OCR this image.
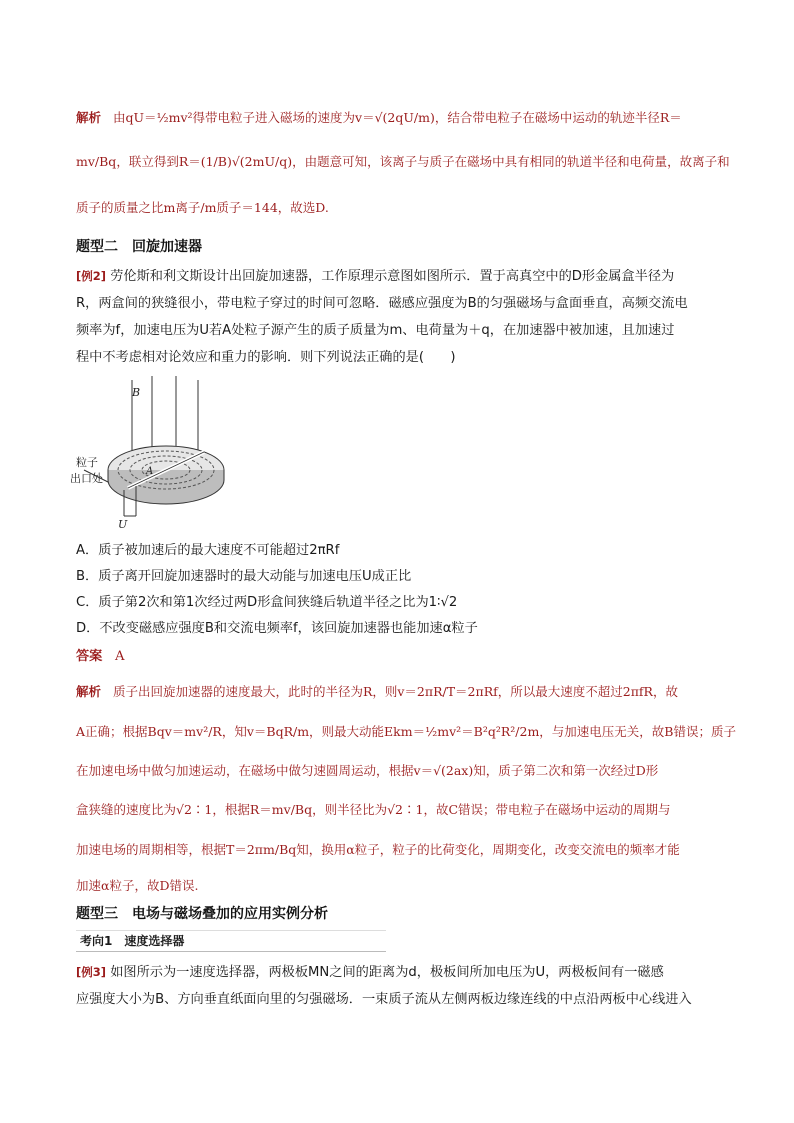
解析 由qU＝½mv²得带电粒子进入磁场的速度为v＝√(2qU/m)，结合带电粒子在磁场中运动的轨迹半径R＝
mv/Bq，联立得到R＝(1/B)√(2mU/q)，由题意可知，该离子与质子在磁场中具有相同的轨道半径和电荷量，故离子和
质子的质量之比m离子/m质子＝144，故选D.
题型二　回旋加速器
[例2] 劳伦斯和利文斯设计出回旋加速器，工作原理示意图如图所示．置于高真空中的D形金属盒半径为
R，两盒间的狭缝很小，带电粒子穿过的时间可忽略．磁感应强度为B的匀强磁场与盒面垂直，高频交流电
频率为f，加速电压为U若A处粒子源产生的质子质量为m、电荷量为＋q，在加速器中被加速，且加速过
程中不考虑相对论效应和重力的影响．则下列说法正确的是(　　)
B
A
粒子
出口处
U
A．质子被加速后的最大速度不可能超过2πRf
B．质子离开回旋加速器时的最大动能与加速电压U成正比
C．质子第2次和第1次经过两D形盒间狭缝后轨道半径之比为1∶√2
D．不改变磁感应强度B和交流电频率f，该回旋加速器也能加速α粒子
答案 A
解析 质子出回旋加速器的速度最大，此时的半径为R，则v＝2πR/T＝2πRf，所以最大速度不超过2πfR，故
A正确；根据Bqv＝mv²/R，知v＝BqR/m，则最大动能Ekm＝½mv²＝B²q²R²/2m，与加速电压无关，故B错误；质子
在加速电场中做匀加速运动，在磁场中做匀速圆周运动，根据v＝√(2ax)知，质子第二次和第一次经过D形
盒狭缝的速度比为√2∶1，根据R＝mv/Bq，则半径比为√2∶1，故C错误；带电粒子在磁场中运动的周期与
加速电场的周期相等，根据T＝2πm/Bq知，换用α粒子，粒子的比荷变化，周期变化，改变交流电的频率才能
加速α粒子，故D错误.
题型三　电场与磁场叠加的应用实例分析
考向1　速度选择器
[例3] 如图所示为一速度选择器，两极板MN之间的距离为d，极板间所加电压为U，两极板间有一磁感
应强度大小为B、方向垂直纸面向里的匀强磁场．一束质子流从左侧两板边缘连线的中点沿两板中心线进入
